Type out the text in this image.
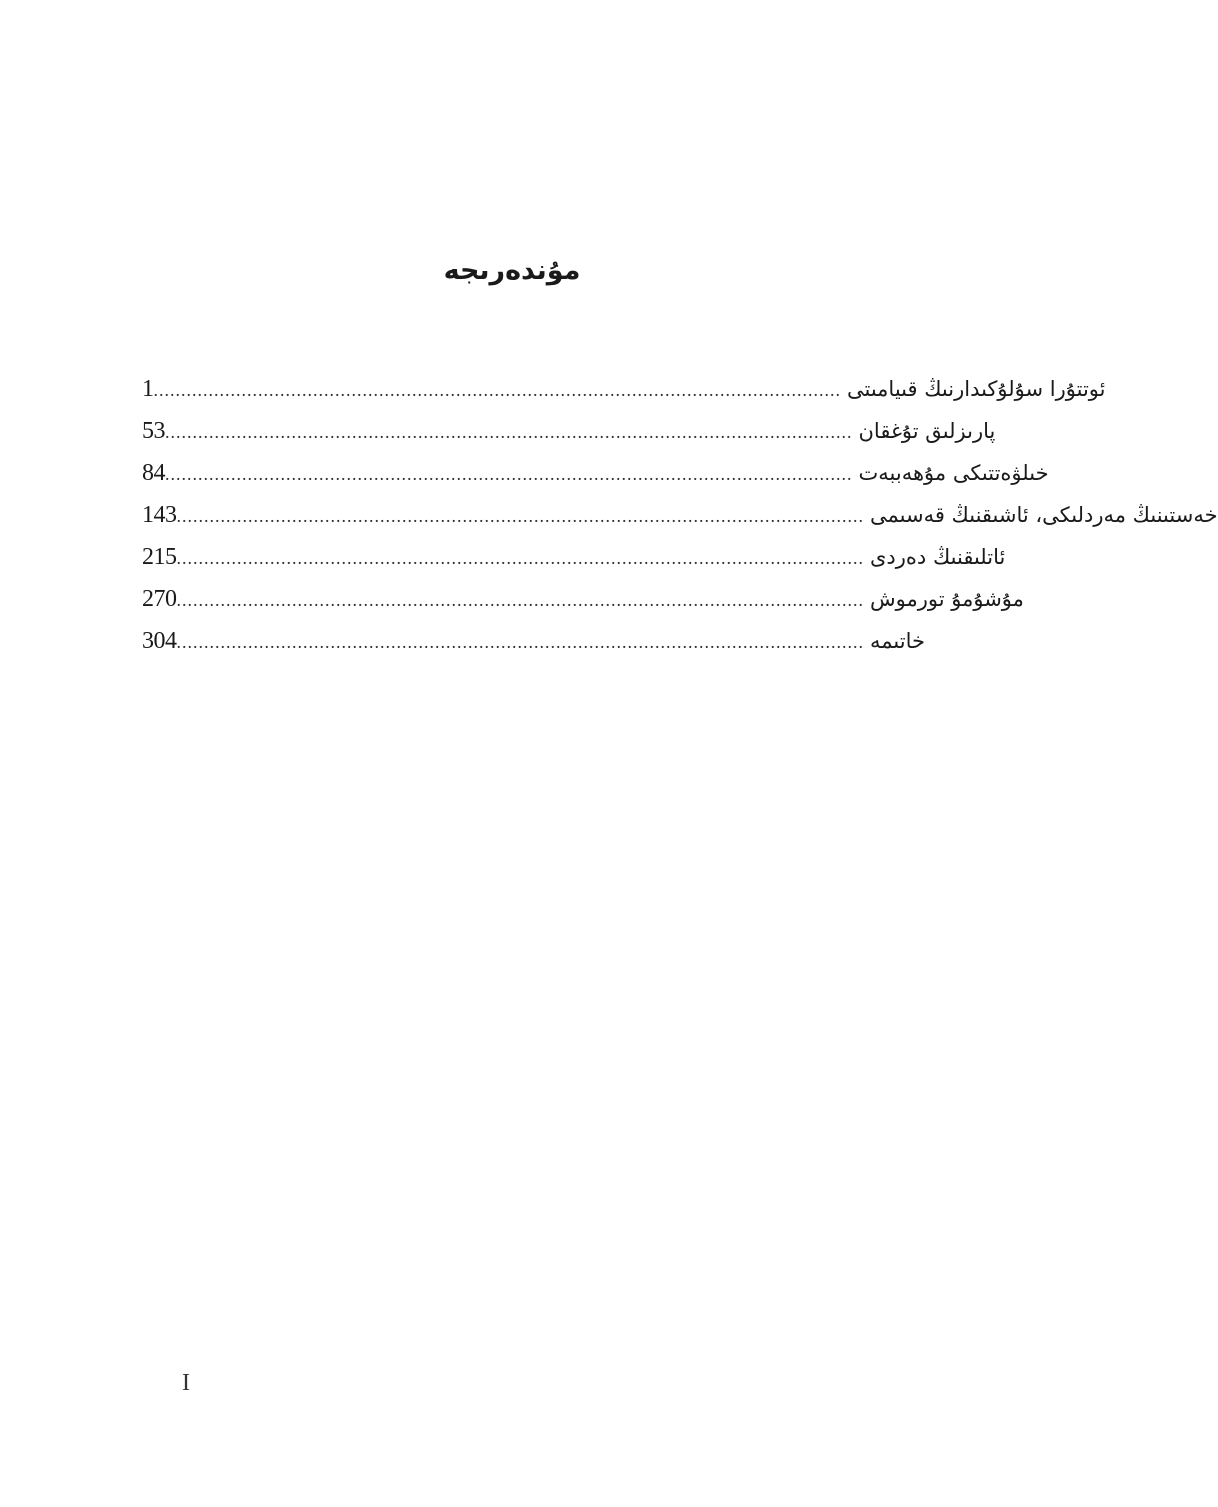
مۇندەرىجە
1 ............................................................................................................................. ئوتتۇرا سۇلۇكىدارنىڭ قىيامىتى
53 ............................................................................................................................. پارىزلىق تۇغقان
84 ............................................................................................................................. خىلۋەتتىكى مۇھەببەت
143 ............................................................................................................................. خەستىنىڭ مەردلىكى، ئاشىقنىڭ قەسىمى
215 ............................................................................................................................. ئاتلىقنىڭ دەردى
270 ............................................................................................................................. مۇشۇمۇ تورموش
304 ............................................................................................................................. خاتىمە
I
